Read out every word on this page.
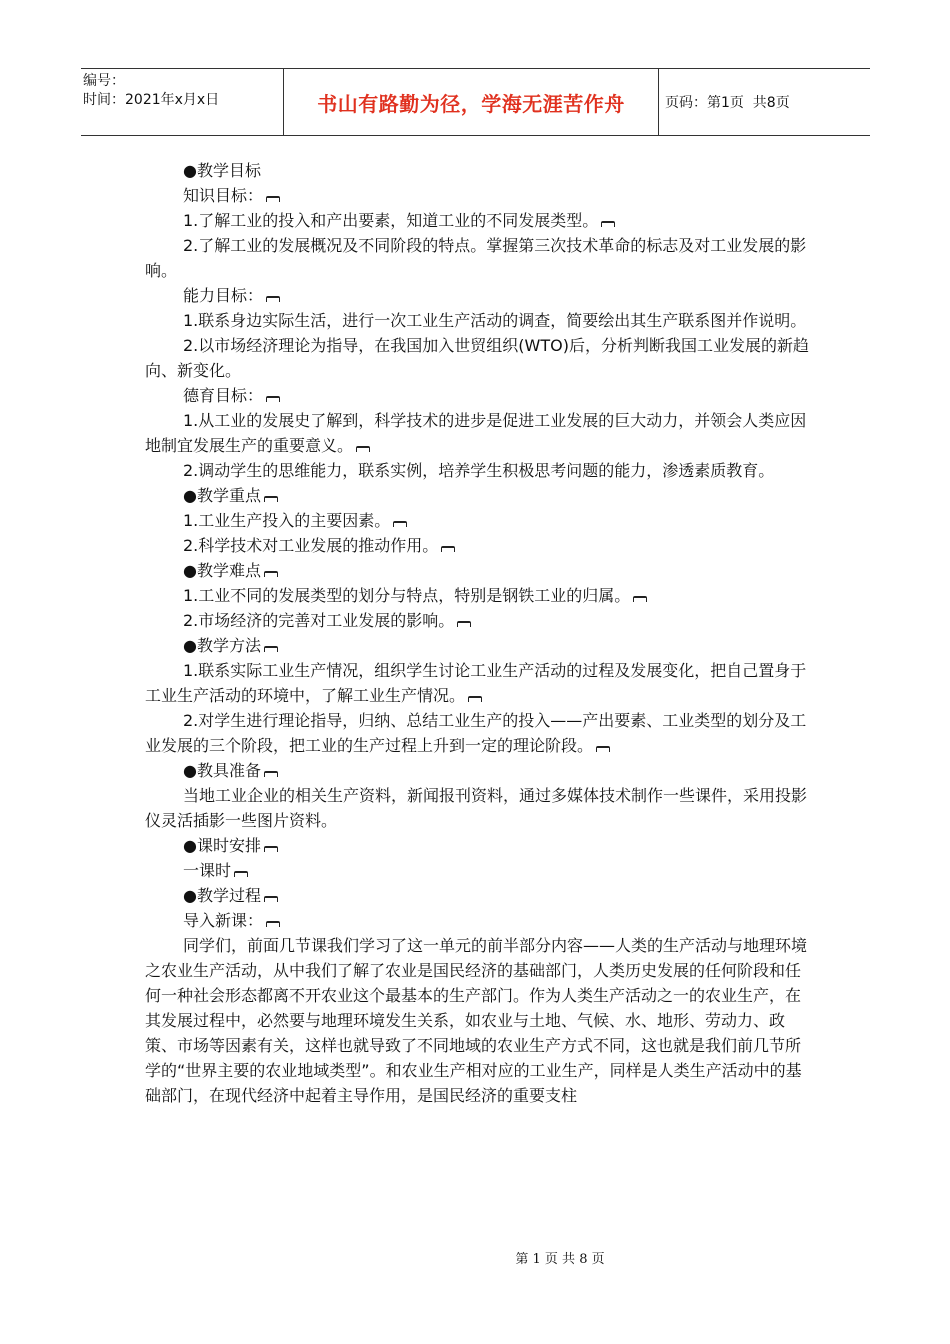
编号：
时间：2021年x月x日	书山有路勤为径，学海无涯苦作舟	页码：第1页  共8页

●教学目标

知识目标：

1.了解工业的投入和产出要素，知道工业的不同发展类型。

2.了解工业的发展概况及不同阶段的特点。掌握第三次技术革命的标志及对工业发展的影响。

能力目标：

1.联系身边实际生活，进行一次工业生产活动的调查，简要绘出其生产联系图并作说明。

2.以市场经济理论为指导，在我国加入世贸组织(WTO)后，分析判断我国工业发展的新趋向、新变化。

德育目标：

1.从工业的发展史了解到，科学技术的进步是促进工业发展的巨大动力，并领会人类应因地制宜发展生产的重要意义。

2.调动学生的思维能力，联系实例，培养学生积极思考问题的能力，渗透素质教育。

●教学重点

1.工业生产投入的主要因素。

2.科学技术对工业发展的推动作用。

●教学难点

1.工业不同的发展类型的划分与特点，特别是钢铁工业的归属。

2.市场经济的完善对工业发展的影响。

●教学方法

1.联系实际工业生产情况，组织学生讨论工业生产活动的过程及发展变化，把自己置身于工业生产活动的环境中，了解工业生产情况。

2.对学生进行理论指导，归纳、总结工业生产的投入——产出要素、工业类型的划分及工业发展的三个阶段，把工业的生产过程上升到一定的理论阶段。

●教具准备

当地工业企业的相关生产资料，新闻报刊资料，通过多媒体技术制作一些课件，采用投影仪灵活插影一些图片资料。

●课时安排

一课时

●教学过程

导入新课：

同学们，前面几节课我们学习了这一单元的前半部分内容——人类的生产活动与地理环境之农业生产活动，从中我们了解了农业是国民经济的基础部门，人类历史发展的任何阶段和任何一种社会形态都离不开农业这个最基本的生产部门。作为人类生产活动之一的农业生产，在其发展过程中，必然要与地理环境发生关系，如农业与土地、气候、水、地形、劳动力、政策、市场等因素有关，这样也就导致了不同地域的农业生产方式不同，这也就是我们前几节所学的“世界主要的农业地域类型”。和农业生产相对应的工业生产，同样是人类生产活动中的基础部门，在现代经济中起着主导作用，是国民经济的重要支柱

第 1 页 共 8 页
